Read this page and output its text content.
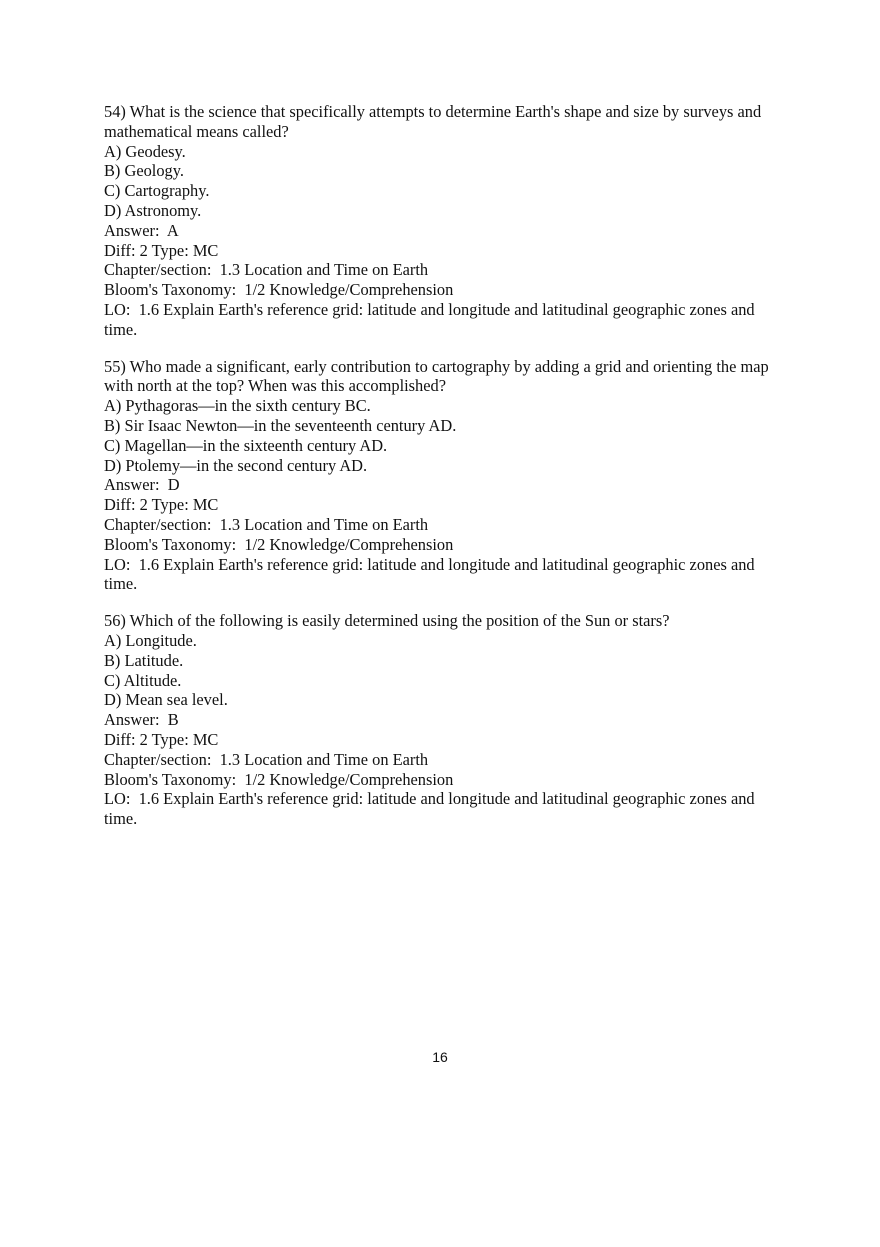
54) What is the science that specifically attempts to determine Earth's shape and size by surveys and mathematical means called?
A) Geodesy.
B) Geology.
C) Cartography.
D) Astronomy.
Answer:  A
Diff: 2 Type: MC
Chapter/section:  1.3 Location and Time on Earth
Bloom's Taxonomy:  1/2 Knowledge/Comprehension
LO:  1.6 Explain Earth's reference grid: latitude and longitude and latitudinal geographic zones and time.
55) Who made a significant, early contribution to cartography by adding a grid and orienting the map with north at the top? When was this accomplished?
A) Pythagoras—in the sixth century BC.
B) Sir Isaac Newton—in the seventeenth century AD.
C) Magellan—in the sixteenth century AD.
D) Ptolemy—in the second century AD.
Answer:  D
Diff: 2 Type: MC
Chapter/section:  1.3 Location and Time on Earth
Bloom's Taxonomy:  1/2 Knowledge/Comprehension
LO:  1.6 Explain Earth's reference grid: latitude and longitude and latitudinal geographic zones and time.
56) Which of the following is easily determined using the position of the Sun or stars?
A) Longitude.
B) Latitude.
C) Altitude.
D) Mean sea level.
Answer:  B
Diff: 2 Type: MC
Chapter/section:  1.3 Location and Time on Earth
Bloom's Taxonomy:  1/2 Knowledge/Comprehension
LO:  1.6 Explain Earth's reference grid: latitude and longitude and latitudinal geographic zones and time.
16
